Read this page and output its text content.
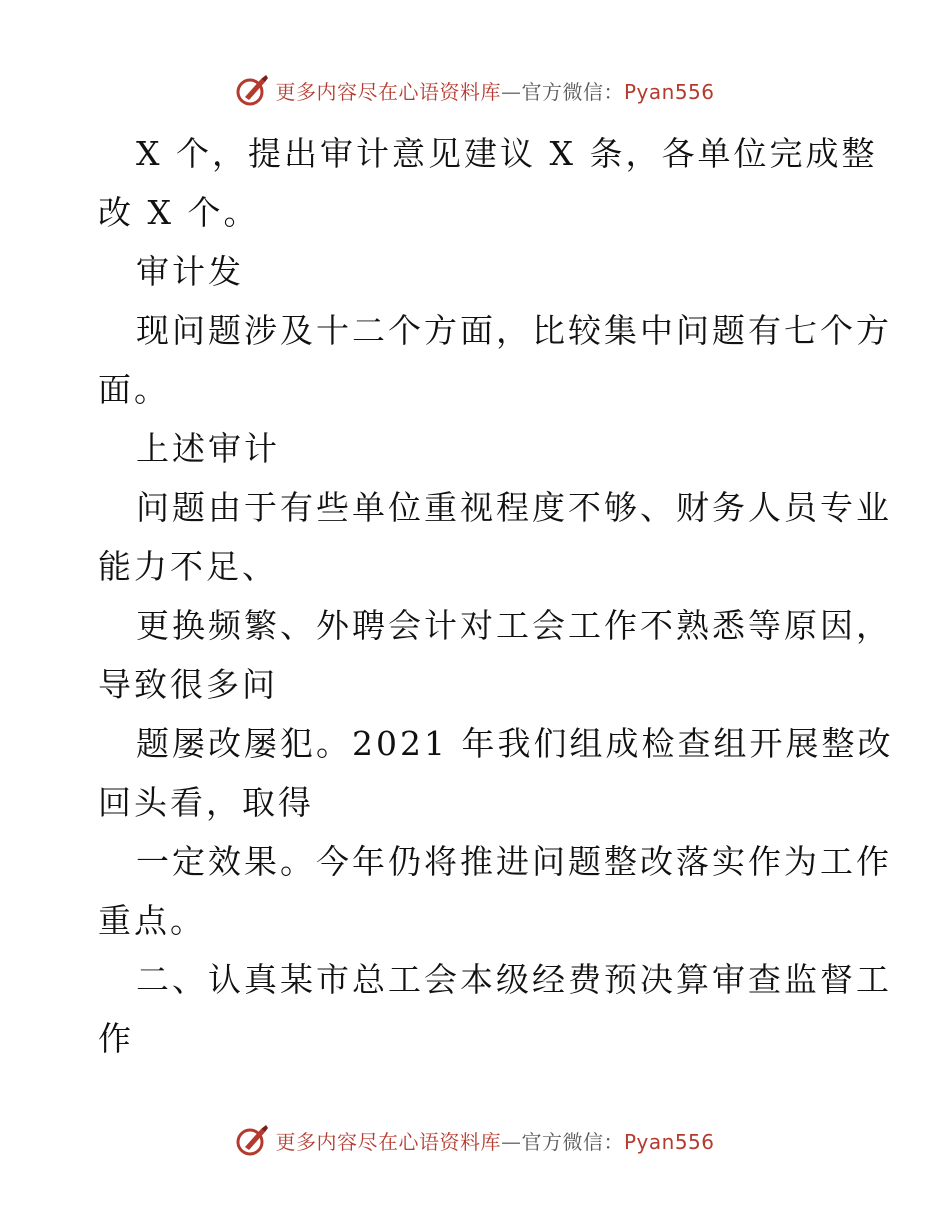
更多内容尽在心语资料库—官方微信：Pyan556
X 个，提出审计意见建议 X 条，各单位完成整
改 X 个。
审计发
现问题涉及十二个方面，比较集中问题有七个方
面。
上述审计
问题由于有些单位重视程度不够、财务人员专业
能力不足、
更换频繁、外聘会计对工会工作不熟悉等原因，
导致很多问
题屡改屡犯。2021 年我们组成检查组开展整改
回头看，取得
一定效果。今年仍将推进问题整改落实作为工作
重点。
二、认真某市总工会本级经费预决算审查监督工
作
更多内容尽在心语资料库—官方微信：Pyan556
